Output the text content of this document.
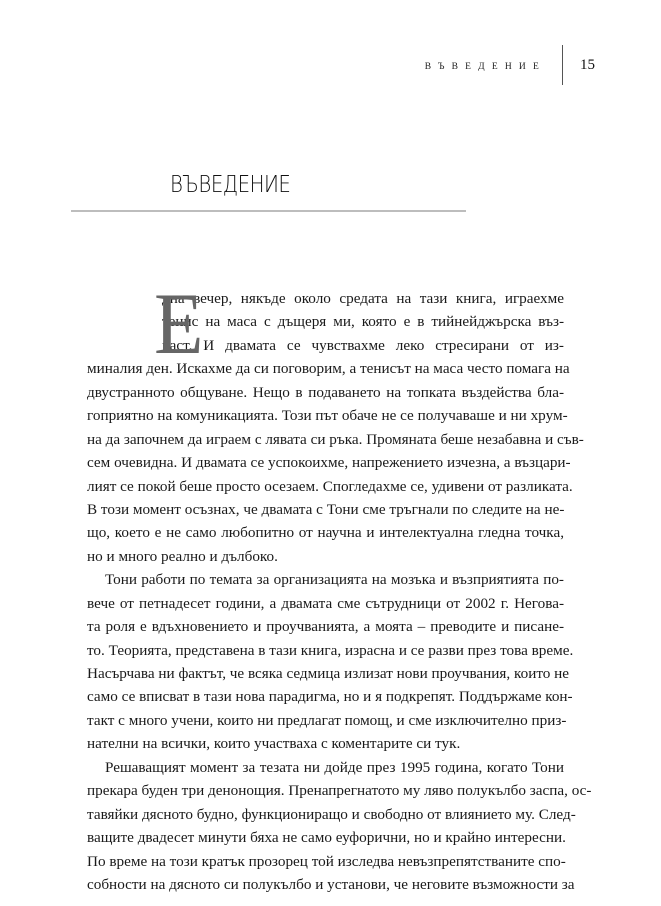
ВЪВЕДЕНИЕ 15
ВЪВЕДЕНИЕ
Е
дна вечер, някъде около средата на тази книга, играехме
тенис на маса с дъщеря ми, която е в тийнейджърска въз-
раст. И двамата се чувствахме леко стресирани от из-
миналия ден. Искахме да си поговорим, а тенисът на маса често помага на
двустранното общуване. Нещо в подаването на топката въздейства бла-
гоприятно на комуникацията. Този път обаче не се получаваше и ни хрум-
на да започнем да играем с лявата си ръка. Промяната беше незабавна и съв-
сем очевидна. И двамата се успокоихме, напрежението изчезна, а възцари-
лият се покой беше просто осезаем. Спогледахме се, удивени от разликата.
В този момент осъзнах, че двамата с Тони сме тръгнали по следите на не-
що, което е не само любопитно от научна и интелектуална гледна точка,
но и много реално и дълбоко.
Тони работи по темата за организацията на мозъка и възприятията по-
вече от петнадесет години, а двамата сме сътрудници от 2002 г. Негова-
та роля е вдъхновението и проучванията, а моята – преводите и писане-
то. Теорията, представена в тази книга, израсна и се разви през това време.
Насърчава ни фактът, че всяка седмица излизат нови проучвания, които не
само се вписват в тази нова парадигма, но и я подкрепят. Поддържаме кон-
такт с много учени, които ни предлагат помощ, и сме изключително приз-
нателни на всички, които участваха с коментарите си тук.
Решаващият момент за тезата ни дойде през 1995 година, когато Тони
прекара буден три денонощия. Пренапрегнатото му ляво полукълбо заспа, ос-
тавяйки дясното будно, функциониращо и свободно от влиянието му. След-
ващите двадесет минути бяха не само еуфорични, но и крайно интересни.
По време на този кратък прозорец той изследва невъзпрепятстваните спо-
собности на дясното си полукълбо и установи, че неговите възможности за
